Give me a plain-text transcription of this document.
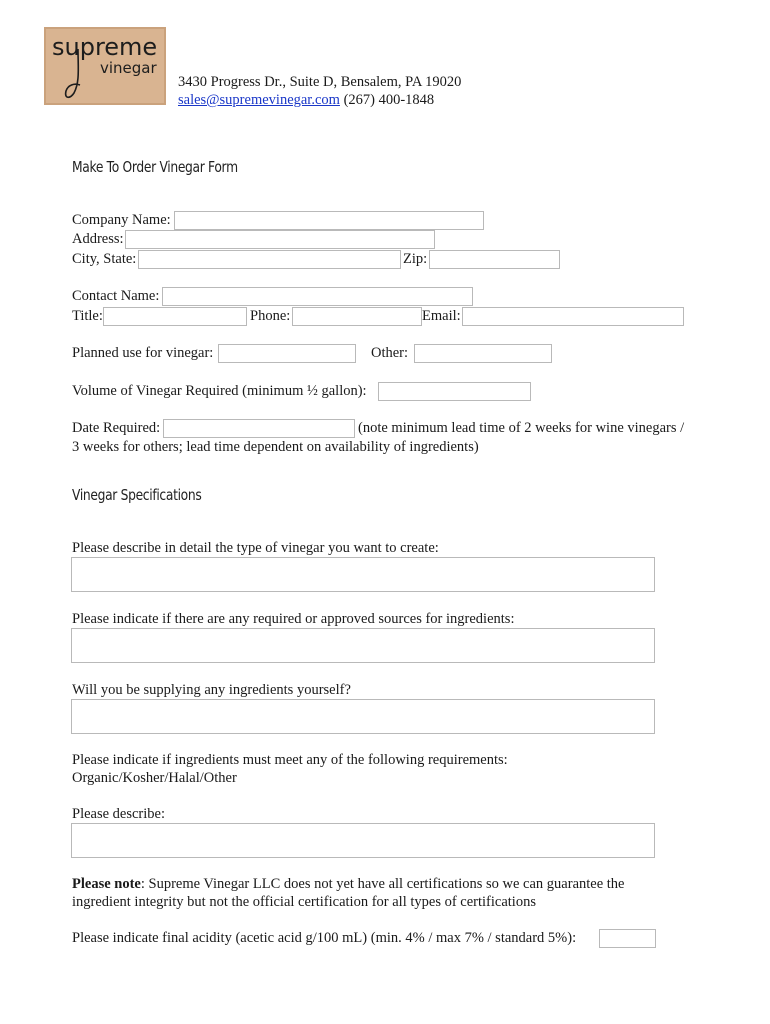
supreme
vinegar
3430 Progress Dr., Suite D, Bensalem, PA 19020
sales@supremevinegar.com (267) 400-1848
Make To Order Vinegar Form
Company Name:
Address:
City, State:	Zip:
Contact Name:
Title:	Phone:	Email:
Planned use for vinegar:	Other:
Volume of Vinegar Required (minimum ½ gallon):
Date Required:	(note minimum lead time of 2 weeks for wine vinegars /
3 weeks for others; lead time dependent on availability of ingredients)
Vinegar Specifications
Please describe in detail the type of vinegar you want to create:
Please indicate if there are any required or approved sources for ingredients:
Will you be supplying any ingredients yourself?
Please indicate if ingredients must meet any of the following requirements:
Organic/Kosher/Halal/Other
Please describe:
Please note: Supreme Vinegar LLC does not yet have all certifications so we can guarantee the
ingredient integrity but not the official certification for all types of certifications
Please indicate final acidity (acetic acid g/100 mL) (min. 4% / max 7% / standard 5%):
